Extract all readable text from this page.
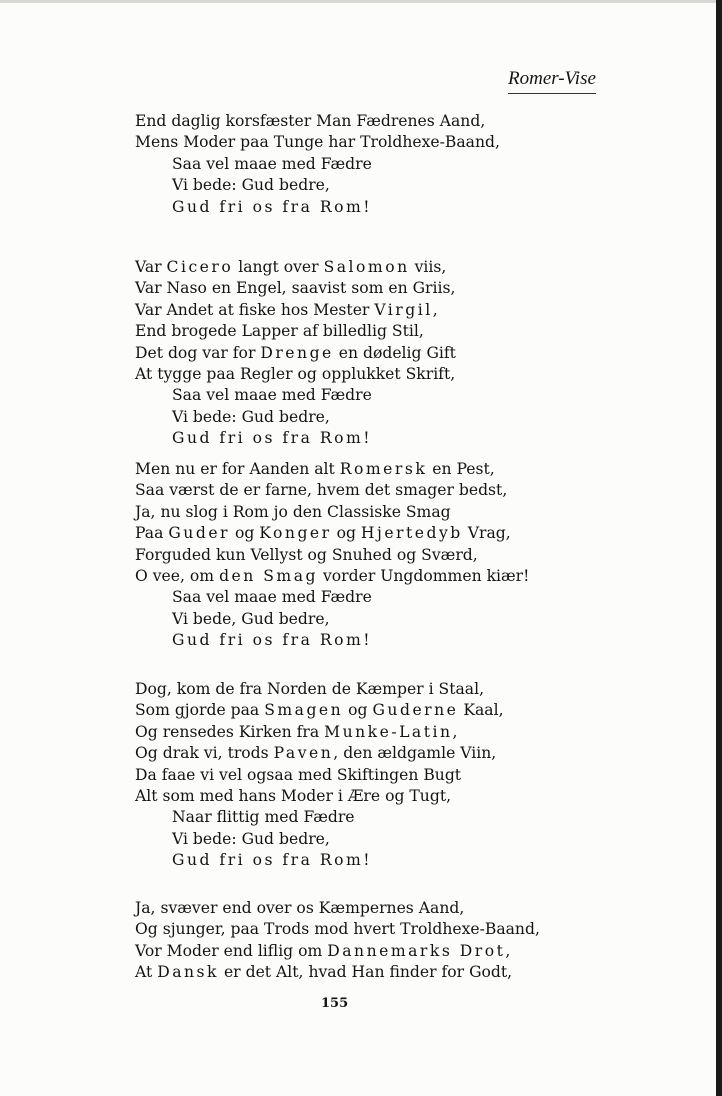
Romer-Vise
End daglig korsfæster Man Fædrenes Aand,
Mens Moder paa Tunge har Troldhexe-Baand,
Saa vel maae med Fædre
Vi bede: Gud bedre,
Gud fri os fra Rom!
Var Cicero langt over Salomon viis,
Var Naso en Engel, saavist som en Griis,
Var Andet at fiske hos Mester Virgil,
End brogede Lapper af billedlig Stil,
Det dog var for Drenge en dødelig Gift
At tygge paa Regler og opplukket Skrift,
Saa vel maae med Fædre
Vi bede: Gud bedre,
Gud fri os fra Rom!
Men nu er for Aanden alt Romersk en Pest,
Saa værst de er farne, hvem det smager bedst,
Ja, nu slog i Rom jo den Classiske Smag
Paa Guder og Konger og Hjertedyb Vrag,
Forguded kun Vellyst og Snuhed og Sværd,
O vee, om den Smag vorder Ungdommen kiær!
Saa vel maae med Fædre
Vi bede, Gud bedre,
Gud fri os fra Rom!
Dog, kom de fra Norden de Kæmper i Staal,
Som gjorde paa Smagen og Guderne Kaal,
Og rensedes Kirken fra Munke-Latin,
Og drak vi, trods Paven, den ældgamle Viin,
Da faae vi vel ogsaa med Skiftingen Bugt
Alt som med hans Moder i Ære og Tugt,
Naar flittig med Fædre
Vi bede: Gud bedre,
Gud fri os fra Rom!
Ja, svæver end over os Kæmpernes Aand,
Og sjunger, paa Trods mod hvert Troldhexe-Baand,
Vor Moder end liflig om Dannemarks Drot,
At Dansk er det Alt, hvad Han finder for Godt,
155
